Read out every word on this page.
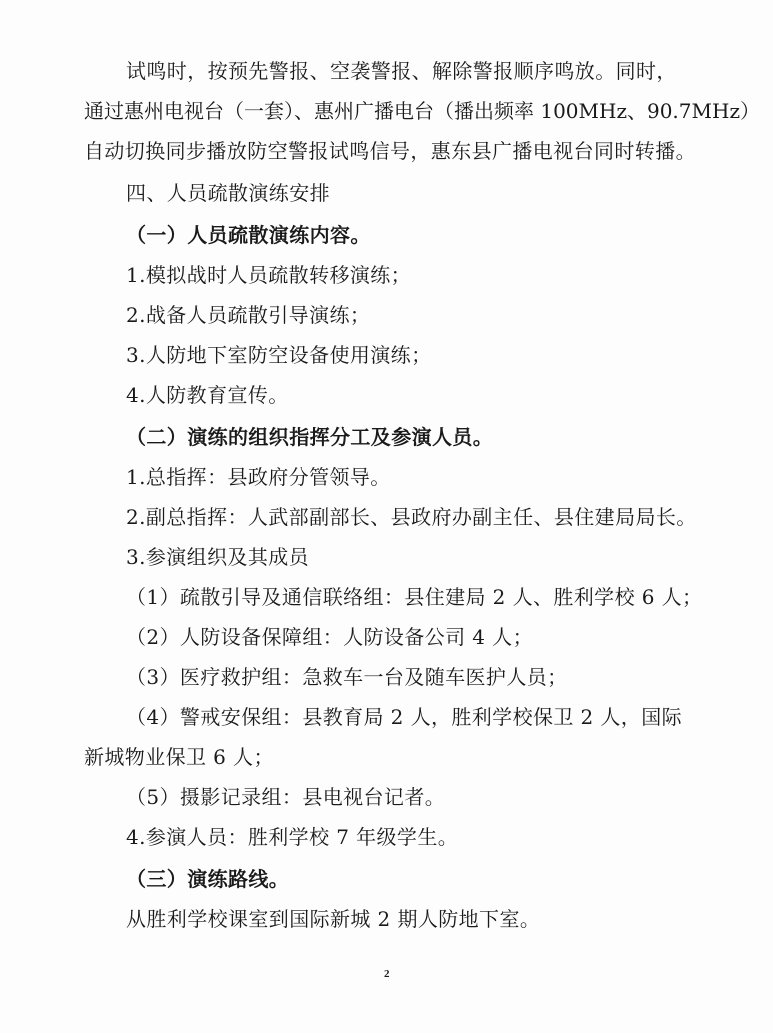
试鸣时，按预先警报、空袭警报、解除警报顺序鸣放。同时，
通过惠州电视台（一套）、惠州广播电台（播出频率 100MHz、90.7MHz）
自动切换同步播放防空警报试鸣信号，惠东县广播电视台同时转播。
四、人员疏散演练安排
（一）人员疏散演练内容。
1.模拟战时人员疏散转移演练；
2.战备人员疏散引导演练；
3.人防地下室防空设备使用演练；
4.人防教育宣传。
（二）演练的组织指挥分工及参演人员。
1.总指挥：县政府分管领导。
2.副总指挥：人武部副部长、县政府办副主任、县住建局局长。
3.参演组织及其成员
（1）疏散引导及通信联络组：县住建局 2 人、胜利学校 6 人；
（2）人防设备保障组：人防设备公司 4 人；
（3）医疗救护组：急救车一台及随车医护人员；
（4）警戒安保组：县教育局 2 人，胜利学校保卫 2 人，国际
新城物业保卫 6 人；
（5）摄影记录组：县电视台记者。
4.参演人员：胜利学校 7 年级学生。
（三）演练路线。
从胜利学校课室到国际新城 2 期人防地下室。
2
